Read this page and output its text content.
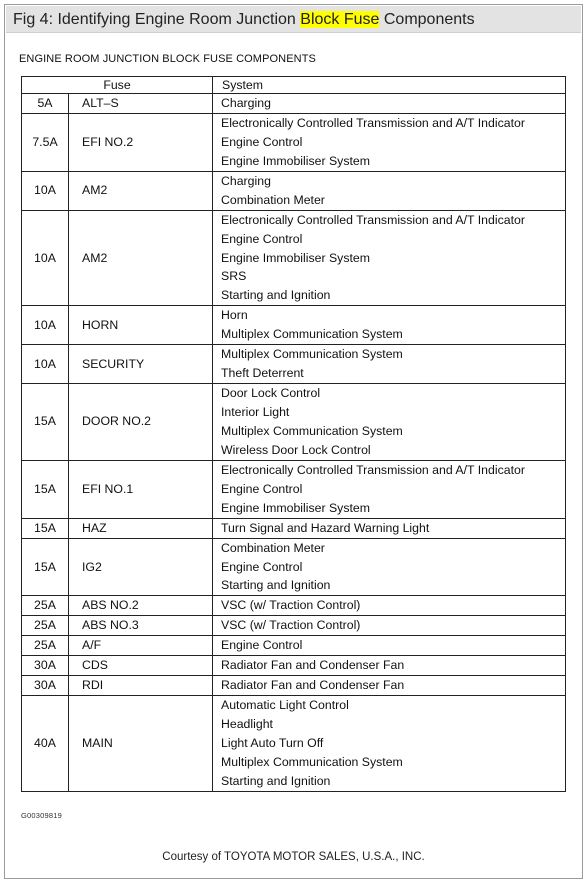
Fig 4: Identifying Engine Room Junction Block Fuse Components
ENGINE ROOM JUNCTION BLOCK FUSE COMPONENTS
Fuse		System
5A	ALT–S	Charging

7.5A	EFI NO.2	Electronically Controlled Transmission and A/T Indicator
Engine Control
Engine Immobiliser System

10A	AM2	Charging
Combination Meter

10A	AM2	Electronically Controlled Transmission and A/T Indicator
Engine Control
Engine Immobiliser System
SRS
Starting and Ignition

10A	HORN	Horn
Multiplex Communication System

10A	SECURITY	Multiplex Communication System
Theft Deterrent

15A	DOOR NO.2	Door Lock Control
Interior Light
Multiplex Communication System
Wireless Door Lock Control

15A	EFI NO.1	Electronically Controlled Transmission and A/T Indicator
Engine Control
Engine Immobiliser System

15A	HAZ	Turn Signal and Hazard Warning Light

15A	IG2	Combination Meter
Engine Control
Starting and Ignition

25A	ABS NO.2	VSC (w/ Traction Control)

25A	ABS NO.3	VSC (w/ Traction Control)

25A	A/F	Engine Control

30A	CDS	Radiator Fan and Condenser Fan

30A	RDI	Radiator Fan and Condenser Fan

40A	MAIN	Automatic Light Control
Headlight
Light Auto Turn Off
Multiplex Communication System
Starting and Ignition
G00309819
Courtesy of TOYOTA MOTOR SALES, U.S.A., INC.
